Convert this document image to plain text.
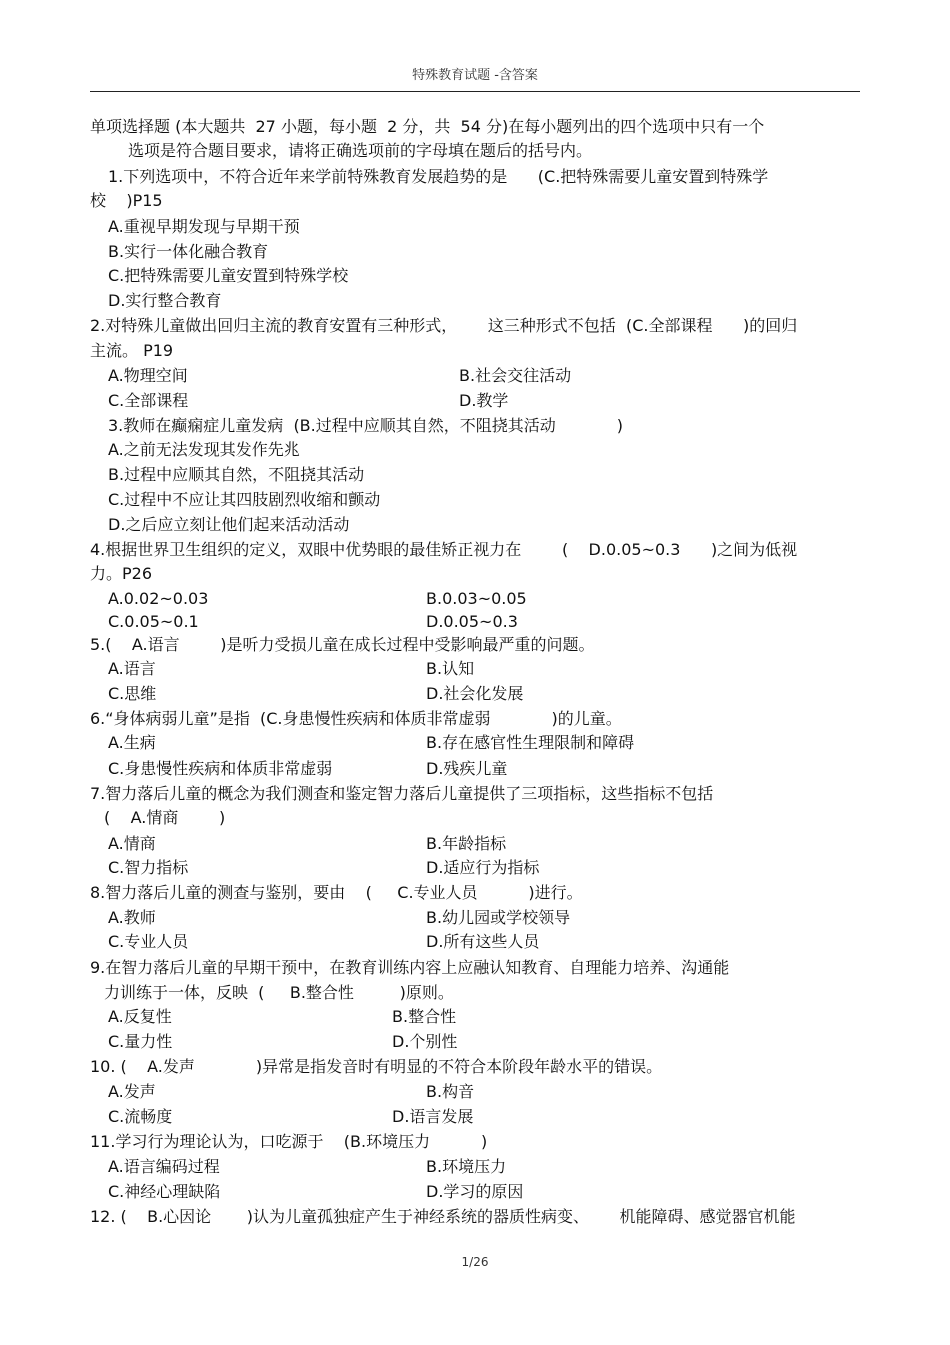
特殊教育试题 -含答案
单项选择题 (本大题共  27 小题，每小题  2 分，共  54 分)在每小题列出的四个选项中只有一个
选项是符合题目要求，请将正确选项前的字母填在题后的括号内。
1.下列选项中，不符合近年来学前特殊教育发展趋势的是      (C.把特殊需要儿童安置到特殊学
校    )P15
A.重视早期发现与早期干预
B.实行一体化融合教育
C.把特殊需要儿童安置到特殊学校
D.实行整合教育
2.对特殊儿童做出回归主流的教育安置有三种形式，      这三种形式不包括  (C.全部课程      )的回归
主流。 P19
A.物理空间	B.社会交往活动
C.全部课程	D.教学
3.教师在癫痫症儿童发病  (B.过程中应顺其自然，不阻挠其活动            )
A.之前无法发现其发作先兆
B.过程中应顺其自然，不阻挠其活动
C.过程中不应让其四肢剧烈收缩和颤动
D.之后应立刻让他们起来活动活动
4.根据世界卫生组织的定义，双眼中优势眼的最佳矫正视力在        (    D.0.05~0.3      )之间为低视
力。P26
A.0.02~0.03	B.0.03~0.05
C.0.05~0.1	D.0.05~0.3
5.(    A.语言        )是听力受损儿童在成长过程中受影响最严重的问题。
A.语言	B.认知
C.思维	D.社会化发展
6.“身体病弱儿童”是指  (C.身患慢性疾病和体质非常虚弱            )的儿童。
A.生病	B.存在感官性生理限制和障碍
C.身患慢性疾病和体质非常虚弱	D.残疾儿童
7.智力落后儿童的概念为我们测查和鉴定智力落后儿童提供了三项指标，这些指标不包括
(    A.情商        )
A.情商	B.年龄指标
C.智力指标	D.适应行为指标
8.智力落后儿童的测查与鉴别，要由    (     C.专业人员          )进行。
A.教师	B.幼儿园或学校领导
C.专业人员	D.所有这些人员
9.在智力落后儿童的早期干预中，在教育训练内容上应融认知教育、自理能力培养、沟通能
力训练于一体，反映  (     B.整合性         )原则。
A.反复性	B.整合性
C.量力性	D.个别性
10. (    A.发声            )异常是指发音时有明显的不符合本阶段年龄水平的错误。
A.发声	B.构音
C.流畅度	D.语言发展
11.学习行为理论认为，口吃源于    (B.环境压力          )
A.语言编码过程	B.环境压力
C.神经心理缺陷	D.学习的原因
12. (    B.心因论       )认为儿童孤独症产生于神经系统的器质性病变、      机能障碍、感觉器官机能
1/26
